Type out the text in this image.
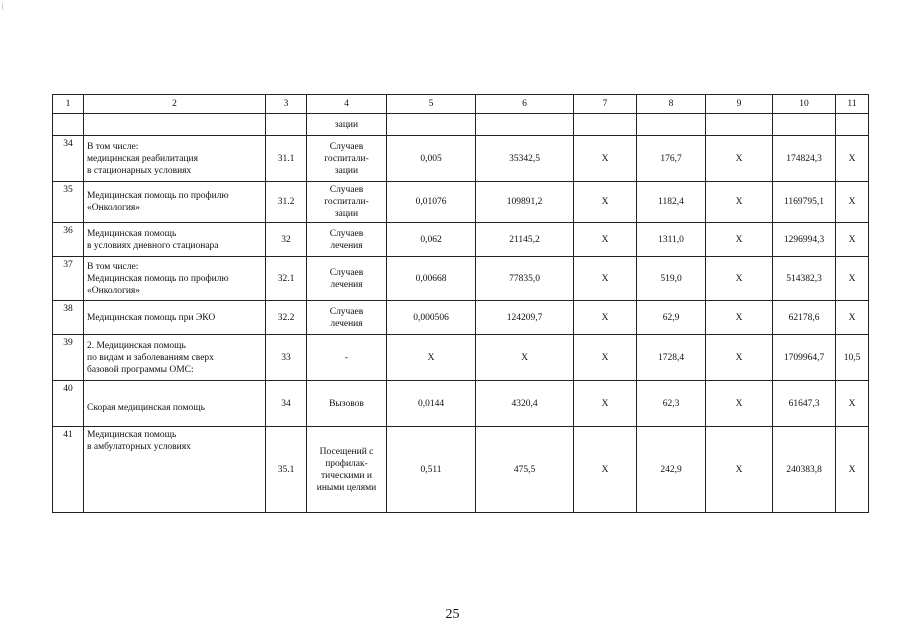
{
1	2	3	4	5	6	7	8	9	10	11
			зации							
34	В том числе:
медицинская реабилитация
в стационарных условиях	31.1	Случаев
госпитали-
зации	0,005	35342,5	X	176,7	X	174824,3	X
35	Медицинская помощь по профилю
«Онкология»	31.2	Случаев
госпитали-
зации	0,01076	109891,2	X	1182,4	X	1169795,1	X
36	Медицинская помощь
в условиях дневного стационара	32	Случаев
лечения	0,062	21145,2	X	1311,0	X	1296994,3	X
37	В том числе:
Медицинская помощь по профилю
«Онкология»	32.1	Случаев
лечения	0,00668	77835,0	X	519,0	X	514382,3	X
38	Медицинская помощь при ЭКО	32.2	Случаев
лечения	0,000506	124209,7	X	62,9	X	62178,6	X
39	2. Медицинская помощь
по видам и заболеваниям сверх
базовой программы ОМС:	33	-	X	X	X	1728,4	X	1709964,7	10,5
40	Скорая медицинская помощь	34	Вызовов	0,0144	4320,4	X	62,3	X	61647,3	X
41	Медицинская помощь
в амбулаторных условиях	35.1	Посещений с
профилак-
тическими и
иными целями	0,511	475,5	X	242,9	X	240383,8	X
25
